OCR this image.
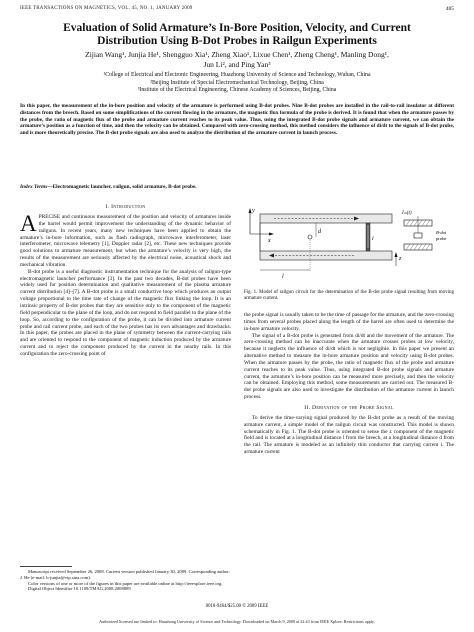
IEEE TRANSACTIONS ON MAGNETICS, VOL. 45, NO. 1, JANUARY 2009	485
Evaluation of Solid Armature’s In-Bore Position, Velocity, and Current
Distribution Using B-Dot Probes in Railgun Experiments
Zijian Wang¹, Junjia He¹, Shengguo Xia¹, Zheng Xiao¹, Lixue Chen¹, Zheng Cheng¹, Manling Dong¹,
Jun Li², and Ping Yan³
¹College of Electrical and Electronic Engineering, Huazhong University of Science and Technology, Wuhan, China
²Beijing Institute of Special Electromechanical Technology, Beijing, China
³Institute of the Electrical Engineering, Chinese Academy of Sciences, Beijing, China
In this paper, the measurement of the in-bore position and velocity of the armature is performed using B-dot probes. Nine B-dot probes are installed in the rail-to-rail insulator at different distances from the breech. Based on some simplifications of the current flowing in the armature, the magnetic flux formula of the probe is derived. It is found that when the armature passes by the probe, the ratio of magnetic flux of the probe and armature current reaches to its peak value. Thus, using the integrated B-dot probe signals and armature current, we can obtain the armature’s position as a function of time, and then the velocity can be obtained. Compared with zero-crossing method, this method considers the influence of di/dt to the signals of B-dot probe, and is more theoretically precise. The B-dot probe signals are also used to analyze the distribution of the armature current in launch process.
Index Terms—Electromagnetic launcher, railgun, solid armature, B-dot probe.
I. Introduction

APRECISE and continuous measurement of the position and velocity of armatures inside the barrel would permit improvement the understanding of the dynamic behavior of railguns. In recent years, many new techniques have been applied to obtain the armature’s in-bore information, such as flash radiograph, microwave interferometer, laser interferometer, microwave telemetry [1], Doppler radar [2], etc. These new techniques provide good solutions to armature measurement, but when the armature’s velocity is very high, the results of the measurement are seriously affected by the electrical noise, acoustical shock and mechanical vibration.

B-dot probe is a useful diagnostic instrumentation technique for the analysis of railgun-type electromagnetic launcher performance [3]. In the past two decades, B-dot probes have been widely used for position determination and qualitative measurement of the plasma armature current distribution [4]–[7]. A B-dot probe is a small conductive loop which produces an output voltage proportional to the time rate of change of the magnetic flux linking the loop. It is an intrinsic property of B-dot probes that they are sensitive only to the component of the magnetic field perpendicular to the plane of the loop, and do not respond to field parallel to the plane of the loop. So, according to the configuration of the probe, it can be divided into armature current probe and rail current probe, and each of the two probes has its own advantages and drawbacks. In this paper, the probes are placed in the plane of symmetry between the current-carrying rails and are oriented to respond to the component of magnetic induction produced by the armature current and to reject the component produced by the current in the nearby rails. In this configuration the zero-crossing point of

Manuscript received September 26, 2008. Current version published January 30, 2009. Corresponding author: J. He (e-mail: h-junjia@vip.sina.com).
Color versions of one or more of the figures in this paper are available online at http://ieeexplore.ieee.org.
Digital Object Identifier 10.1109/TMAG.2008.2008889
y
x
l
d
i
Iₘ(t)
B-dot
probe
z
Fig. 1. Model of railgun circuit for the determination of the B-dot probe signal resulting from moving armature current.

the probe signal is usually taken to be the time of passage for the armature, and the zero-crossing times from several probes placed along the length of the barrel are often used to determine the in-bore armature velocity.

The signal of a B-dot probe is generated from di/dt and the movement of the armature. The zero-crossing method can be inaccurate when the armature crosses probes at low velocity, because it neglects the influence of di/dt which is not negligible. In this paper we present an alternative method to measure the in-bore armature position and velocity using B-dot probes. When the armature passes by the probe, the ratio of magnetic flux of the probe and armature current reaches to its peak value. Thus, using integrated B-dot probe signals and armature current, the armature’s in-bore position can be measured more precisely, and then the velocity can be obtained. Employing this method, some measurements are carried out. The measured B-dot probe signals are also used to investigate the distribution of the armature current in launch process.

II. Derivation of the Probe Signal

To derive the time-varying signal produced by the B-dot probe as a result of the moving armature current, a simple model of the railgun circuit was constructed. This model is shown schematically in Fig. 1. The B-dot probe is oriented to sense the z component of the magnetic field and is located at a longitudinal distance l from the breech, at a longitudinal distance d from the rail. The armature is modeled as an infinitely thin conductor that carrying current i. The armature current

0018-9464/$25.00 © 2009 IEEE
Authorized licensed use limited to: Huazhong University of Science and Technology. Downloaded on March 9, 2009 at 22:43 from IEEE Xplore. Restrictions apply.
